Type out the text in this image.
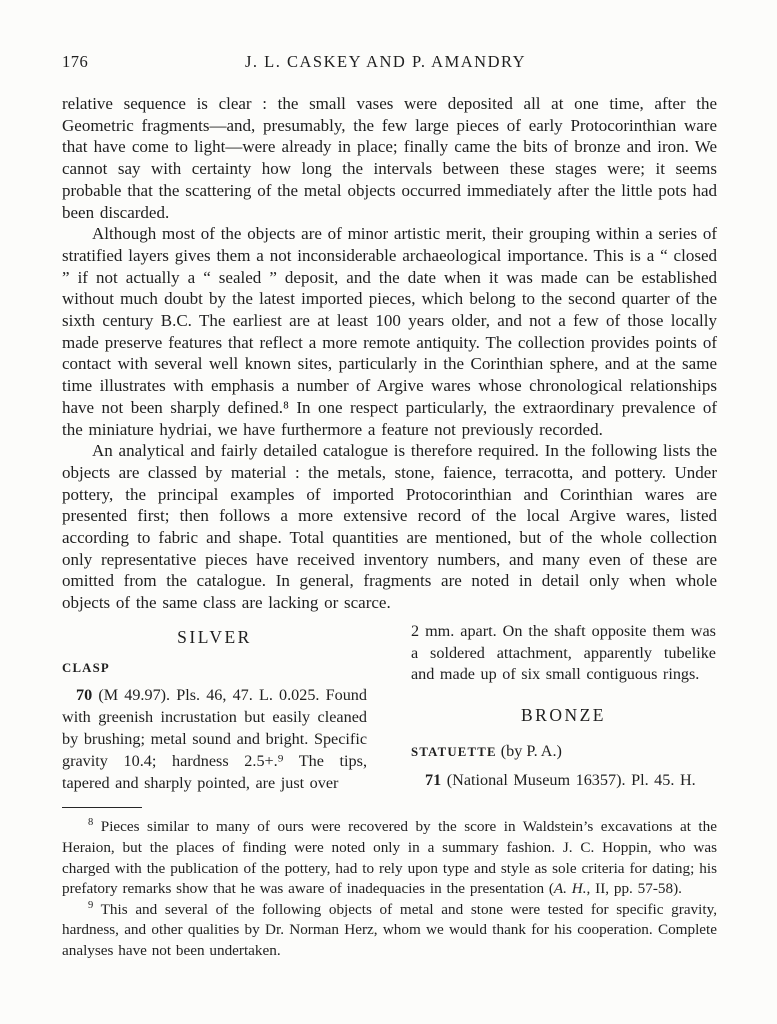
176	J. L. CASKEY AND P. AMANDRY

relative sequence is clear : the small vases were deposited all at one time, after the Geometric fragments—and, presumably, the few large pieces of early Protocorinthian ware that have come to light—were already in place; finally came the bits of bronze and iron. We cannot say with certainty how long the intervals between these stages were; it seems probable that the scattering of the metal objects occurred immediately after the little pots had been discarded.

Although most of the objects are of minor artistic merit, their grouping within a series of stratified layers gives them a not inconsiderable archaeological importance. This is a “ closed ” if not actually a “ sealed ” deposit, and the date when it was made can be established without much doubt by the latest imported pieces, which belong to the second quarter of the sixth century B.C. The earliest are at least 100 years older, and not a few of those locally made preserve features that reflect a more remote antiquity. The collection provides points of contact with several well known sites, particularly in the Corinthian sphere, and at the same time illustrates with emphasis a number of Argive wares whose chronological relationships have not been sharply defined.⁸ In one respect particularly, the extraordinary prevalence of the miniature hydriai, we have furthermore a feature not previously recorded.

An analytical and fairly detailed catalogue is therefore required. In the following lists the objects are classed by material : the metals, stone, faience, terracotta, and pottery. Under pottery, the principal examples of imported Protocorinthian and Corinthian wares are presented first; then follows a more extensive record of the local Argive wares, listed according to fabric and shape. Total quantities are mentioned, but of the whole collection only representative pieces have received inventory numbers, and many even of these are omitted from the catalogue. In general, fragments are noted in detail only when whole objects of the same class are lacking or scarce.

SILVER
CLASP

70 (M 49.97). Pls. 46, 47. L. 0.025. Found with greenish incrustation but easily cleaned by brushing; metal sound and bright. Specific gravity 10.4; hardness 2.5+.⁹ The tips, tapered and sharply pointed, are just over

2 mm. apart. On the shaft opposite them was a soldered attachment, apparently tubelike and made up of six small contiguous rings.

BRONZE
STATUETTE (by P. A.)

71 (National Museum 16357). Pl. 45. H.

$^8$ Pieces similar to many of ours were recovered by the score in Waldstein’s excavations at the Heraion, but the places of finding were noted only in a summary fashion. J. C. Hoppin, who was charged with the publication of the pottery, had to rely upon type and style as sole criteria for dating; his prefatory remarks show that he was aware of inadequacies in the presentation (A. H., II, pp. 57-58).

$^9$ This and several of the following objects of metal and stone were tested for specific gravity, hardness, and other qualities by Dr. Norman Herz, whom we would thank for his cooperation. Complete analyses have not been undertaken.
